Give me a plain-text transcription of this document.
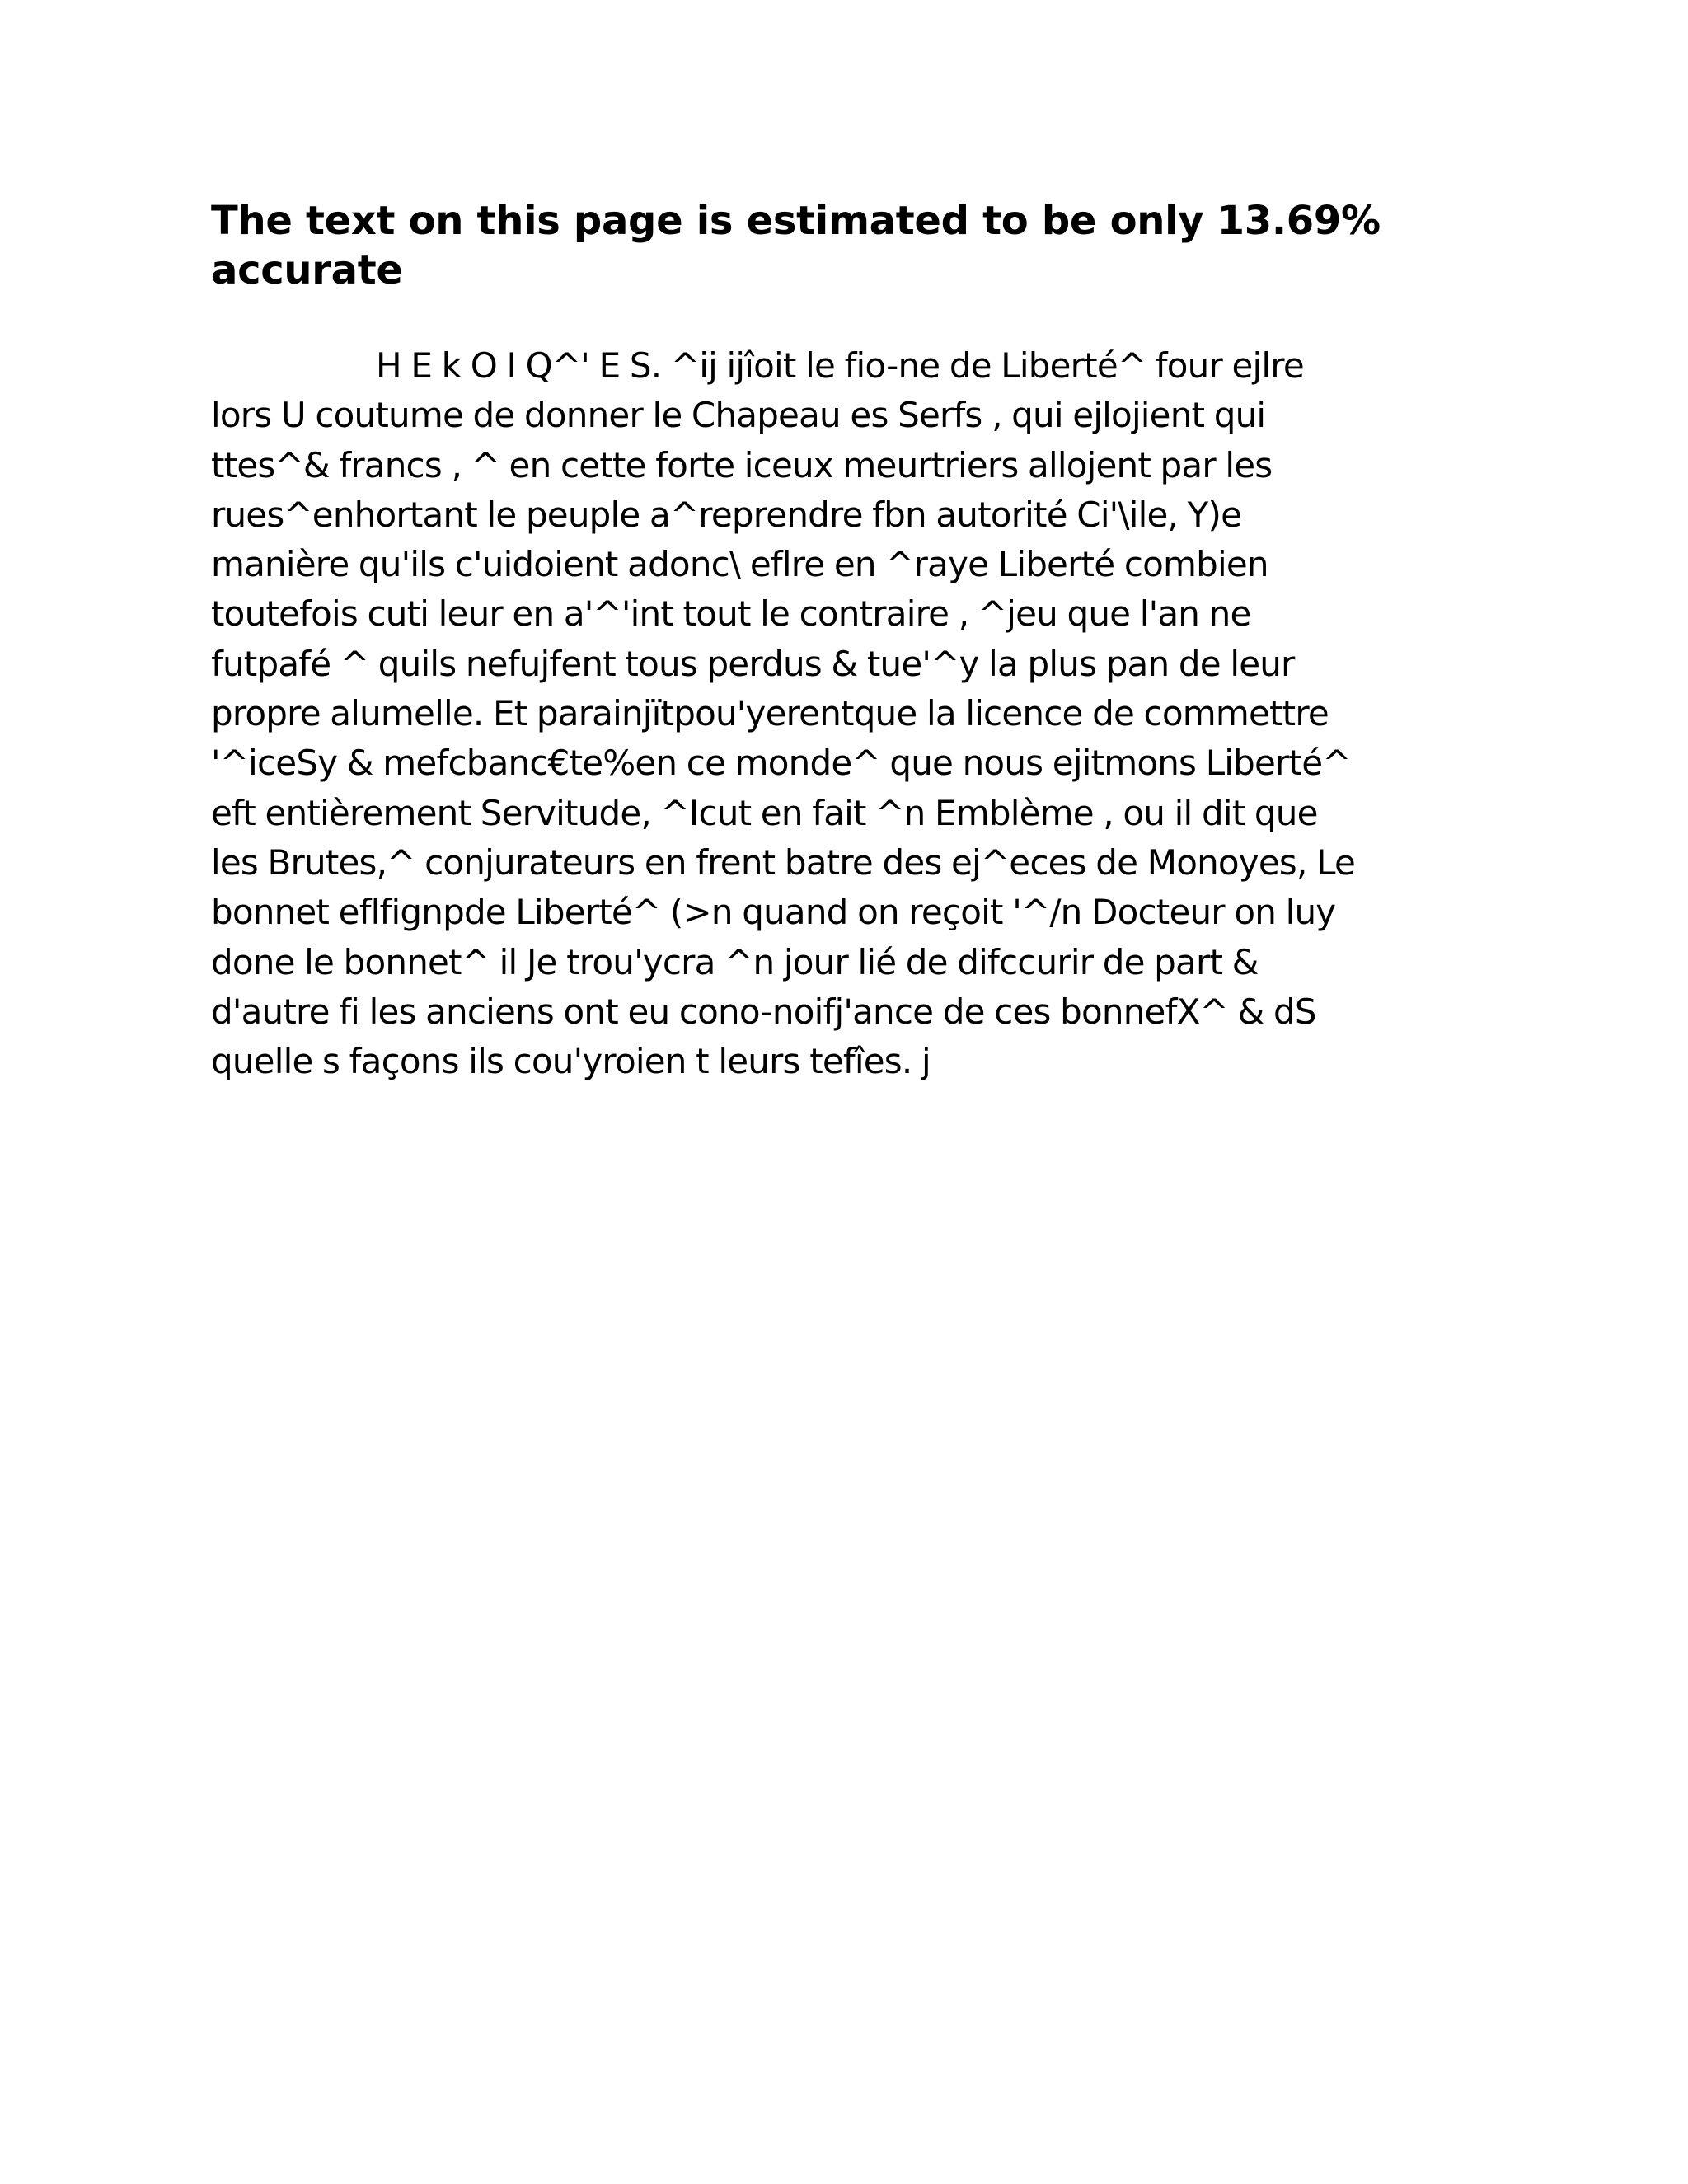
The text on this page is estimated to be only 13.69%
accurate
H E k O I Q^' E S. ^ij ijîoit le fio-ne de Liberté^ four ejlre
lors U coutume de donner le Chapeau es Serfs , qui ejlojient qui
ttes^& francs , ^ en cette forte iceux meurtriers allojent par les
rues^enhortant le peuple a^reprendre fbn autorité Ci'\ile, Y)e
manière qu'ils c'uidoient adonc\ eflre en ^raye Liberté combien
toutefois cuti leur en a'^'int tout le contraire , ^jeu que l'an ne
futpafé ^ quils nefujfent tous perdus & tue'^y la plus pan de leur
propre alumelle. Et parainjïtpou'yerentque la licence de commettre
'^iceSy & mefcbanc€te%en ce monde^ que nous ejitmons Liberté^
eft entièrement Servitude, ^Icut en fait ^n Emblème , ou il dit que
les Brutes,^ conjurateurs en frent batre des ej^eces de Monoyes, Le
bonnet eflfignpde Liberté^ (>n quand on reçoit '^/n Docteur on luy
done le bonnet^ il Je trou'ycra ^n jour lié de difccurir de part &
d'autre fi les anciens ont eu cono-noifj'ance de ces bonnefX^ & dS
quelle s façons ils cou'yroien t leurs tefîes. j
